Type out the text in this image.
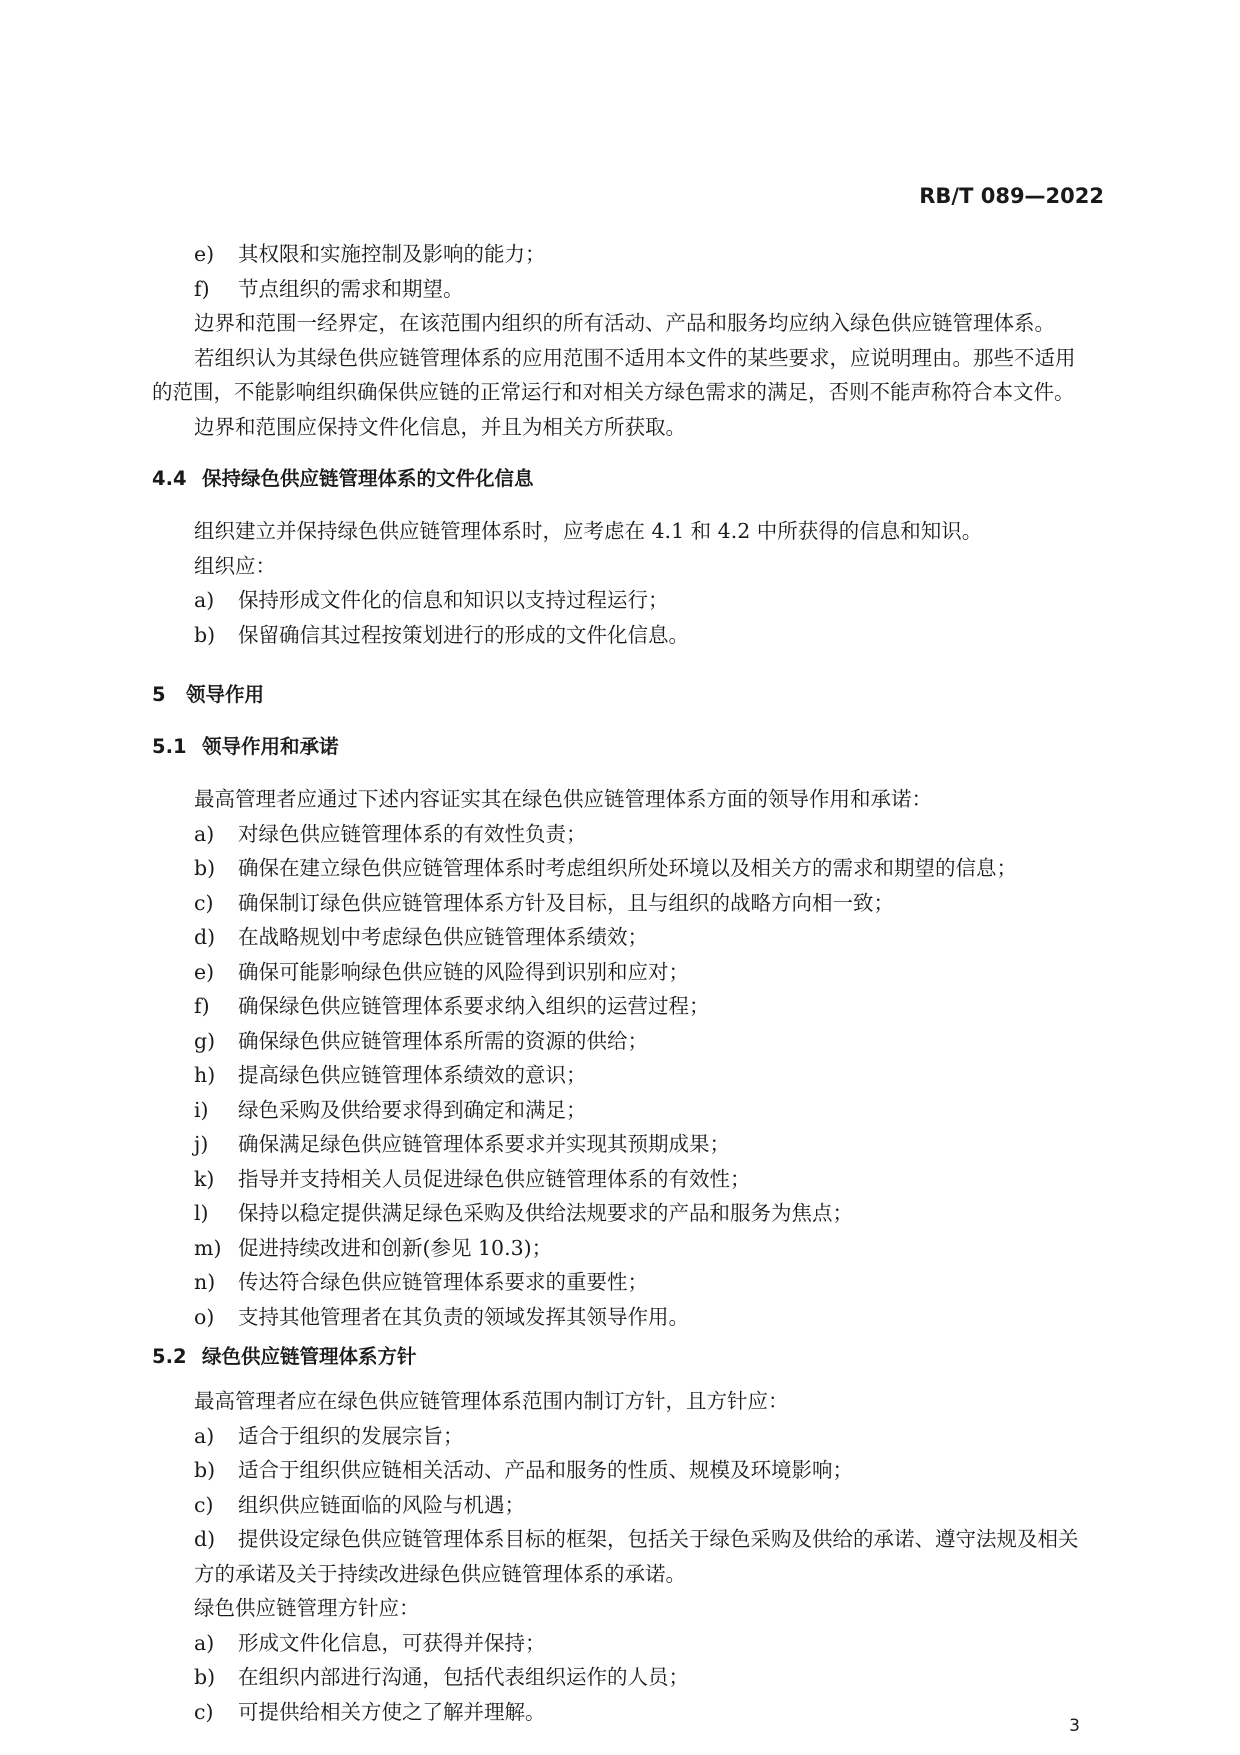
RB/T 089—2022
e) 其权限和实施控制及影响的能力；
f) 节点组织的需求和期望。
边界和范围一经界定，在该范围内组织的所有活动、产品和服务均应纳入绿色供应链管理体系。
若组织认为其绿色供应链管理体系的应用范围不适用本文件的某些要求，应说明理由。那些不适用
的范围，不能影响组织确保供应链的正常运行和对相关方绿色需求的满足，否则不能声称符合本文件。
边界和范围应保持文件化信息，并且为相关方所获取。
4.4 保持绿色供应链管理体系的文件化信息
组织建立并保持绿色供应链管理体系时，应考虑在 4.1 和 4.2 中所获得的信息和知识。
组织应：
a) 保持形成文件化的信息和知识以支持过程运行；
b) 保留确信其过程按策划进行的形成的文件化信息。
5 领导作用
5.1 领导作用和承诺
最高管理者应通过下述内容证实其在绿色供应链管理体系方面的领导作用和承诺：
a) 对绿色供应链管理体系的有效性负责；
b) 确保在建立绿色供应链管理体系时考虑组织所处环境以及相关方的需求和期望的信息；
c) 确保制订绿色供应链管理体系方针及目标，且与组织的战略方向相一致；
d) 在战略规划中考虑绿色供应链管理体系绩效；
e) 确保可能影响绿色供应链的风险得到识别和应对；
f) 确保绿色供应链管理体系要求纳入组织的运营过程；
g) 确保绿色供应链管理体系所需的资源的供给；
h) 提高绿色供应链管理体系绩效的意识；
i) 绿色采购及供给要求得到确定和满足；
j) 确保满足绿色供应链管理体系要求并实现其预期成果；
k) 指导并支持相关人员促进绿色供应链管理体系的有效性；
l) 保持以稳定提供满足绿色采购及供给法规要求的产品和服务为焦点；
m) 促进持续改进和创新(参见 10.3)；
n) 传达符合绿色供应链管理体系要求的重要性；
o) 支持其他管理者在其负责的领域发挥其领导作用。
5.2 绿色供应链管理体系方针
最高管理者应在绿色供应链管理体系范围内制订方针，且方针应：
a) 适合于组织的发展宗旨；
b) 适合于组织供应链相关活动、产品和服务的性质、规模及环境影响；
c) 组织供应链面临的风险与机遇；
d) 提供设定绿色供应链管理体系目标的框架，包括关于绿色采购及供给的承诺、遵守法规及相关
方的承诺及关于持续改进绿色供应链管理体系的承诺。
绿色供应链管理方针应：
a) 形成文件化信息，可获得并保持；
b) 在组织内部进行沟通，包括代表组织运作的人员；
c) 可提供给相关方使之了解并理解。
3
